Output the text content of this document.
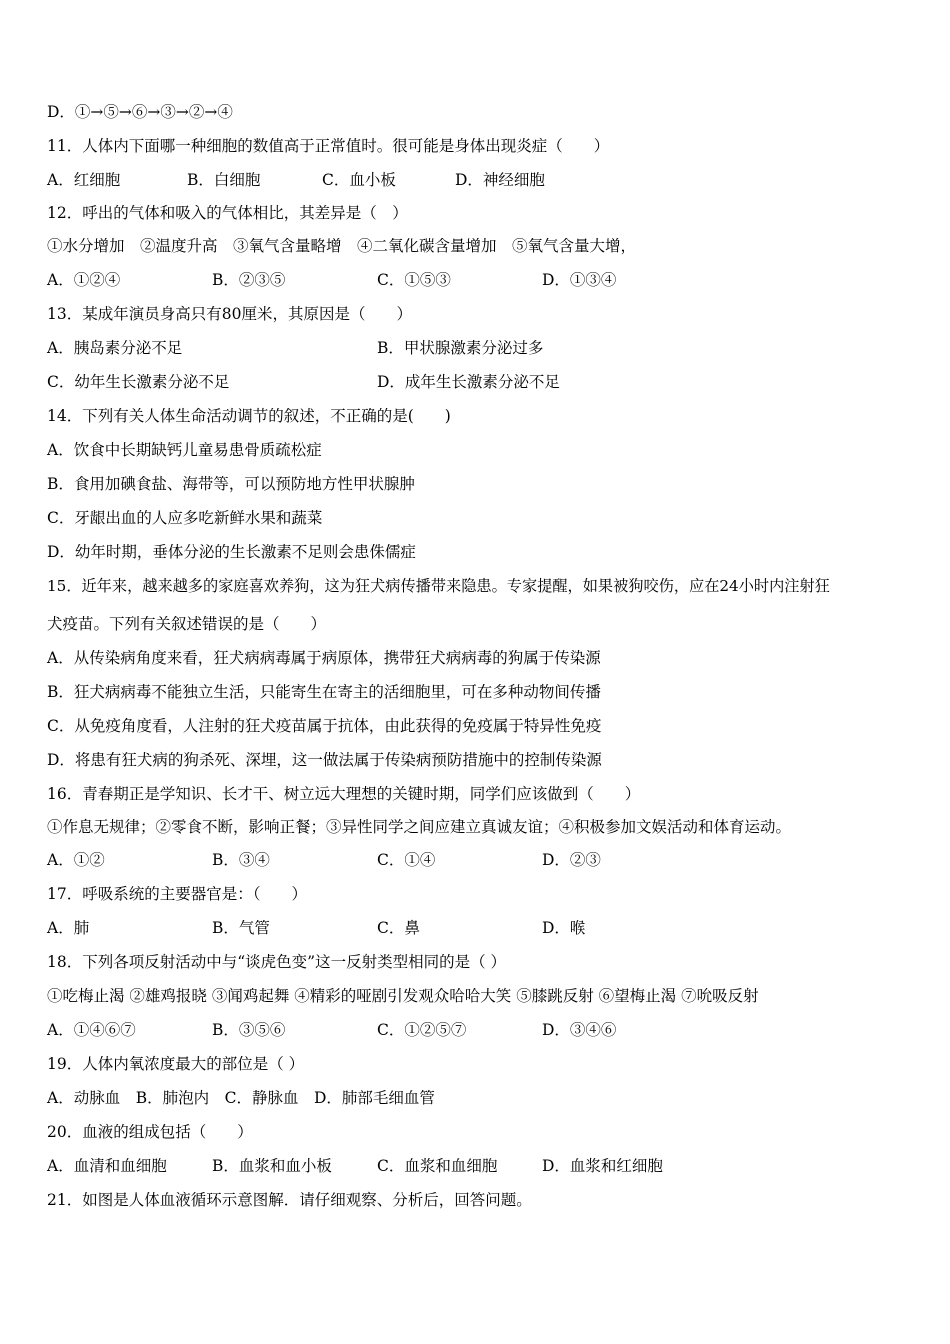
D．①→⑤→⑥→③→②→④
11．人体内下面哪一种细胞的数值高于正常值时。很可能是身体出现炎症（　　）
A．红细胞	B．白细胞	C．血小板	D．神经细胞
12．呼出的气体和吸入的气体相比，其差异是（　）
①水分增加　②温度升高　③氧气含量略增　④二氧化碳含量增加　⑤氧气含量大增，
A．①②④	B．②③⑤	C．①⑤③	D．①③④
13．某成年演员身高只有80厘米，其原因是（　　）
A．胰岛素分泌不足	B．甲状腺激素分泌过多
C．幼年生长激素分泌不足	D．成年生长激素分泌不足
14．下列有关人体生命活动调节的叙述，不正确的是(　　)
A．饮食中长期缺钙儿童易患骨质疏松症
B．食用加碘食盐、海带等，可以预防地方性甲状腺肿
C．牙龈出血的人应多吃新鲜水果和蔬菜
D．幼年时期，垂体分泌的生长激素不足则会患侏儒症
15．近年来，越来越多的家庭喜欢养狗，这为狂犬病传播带来隐患。专家提醒，如果被狗咬伤，应在24小时内注射狂
犬疫苗。下列有关叙述错误的是（　　）
A．从传染病角度来看，狂犬病病毒属于病原体，携带狂犬病病毒的狗属于传染源
B．狂犬病病毒不能独立生活，只能寄生在寄主的活细胞里，可在多种动物间传播
C．从免疫角度看，人注射的狂犬疫苗属于抗体，由此获得的免疫属于特异性免疫
D．将患有狂犬病的狗杀死、深埋，这一做法属于传染病预防措施中的控制传染源
16．青春期正是学知识、长才干、树立远大理想的关键时期，同学们应该做到（　　）
①作息无规律；②零食不断，影响正餐；③异性同学之间应建立真诚友谊；④积极参加文娱活动和体育运动。
A．①②	B．③④	C．①④	D．②③
17．呼吸系统的主要器官是：（　　）
A．肺	B．气管	C．鼻	D．喉
18．下列各项反射活动中与“谈虎色变”这一反射类型相同的是（ ）
①吃梅止渴 ②雄鸡报晓 ③闻鸡起舞 ④精彩的哑剧引发观众哈哈大笑 ⑤膝跳反射 ⑥望梅止渴 ⑦吮吸反射
A．①④⑥⑦	B．③⑤⑥	C．①②⑤⑦	D．③④⑥
19．人体内氧浓度最大的部位是（ ）
A．动脉血　B．肺泡内　C．静脉血　D．肺部毛细血管
20．血液的组成包括（　　）
A．血清和血细胞	B．血浆和血小板	C．血浆和血细胞	D．血浆和红细胞
21．如图是人体血液循环示意图解．请仔细观察、分析后，回答问题。
